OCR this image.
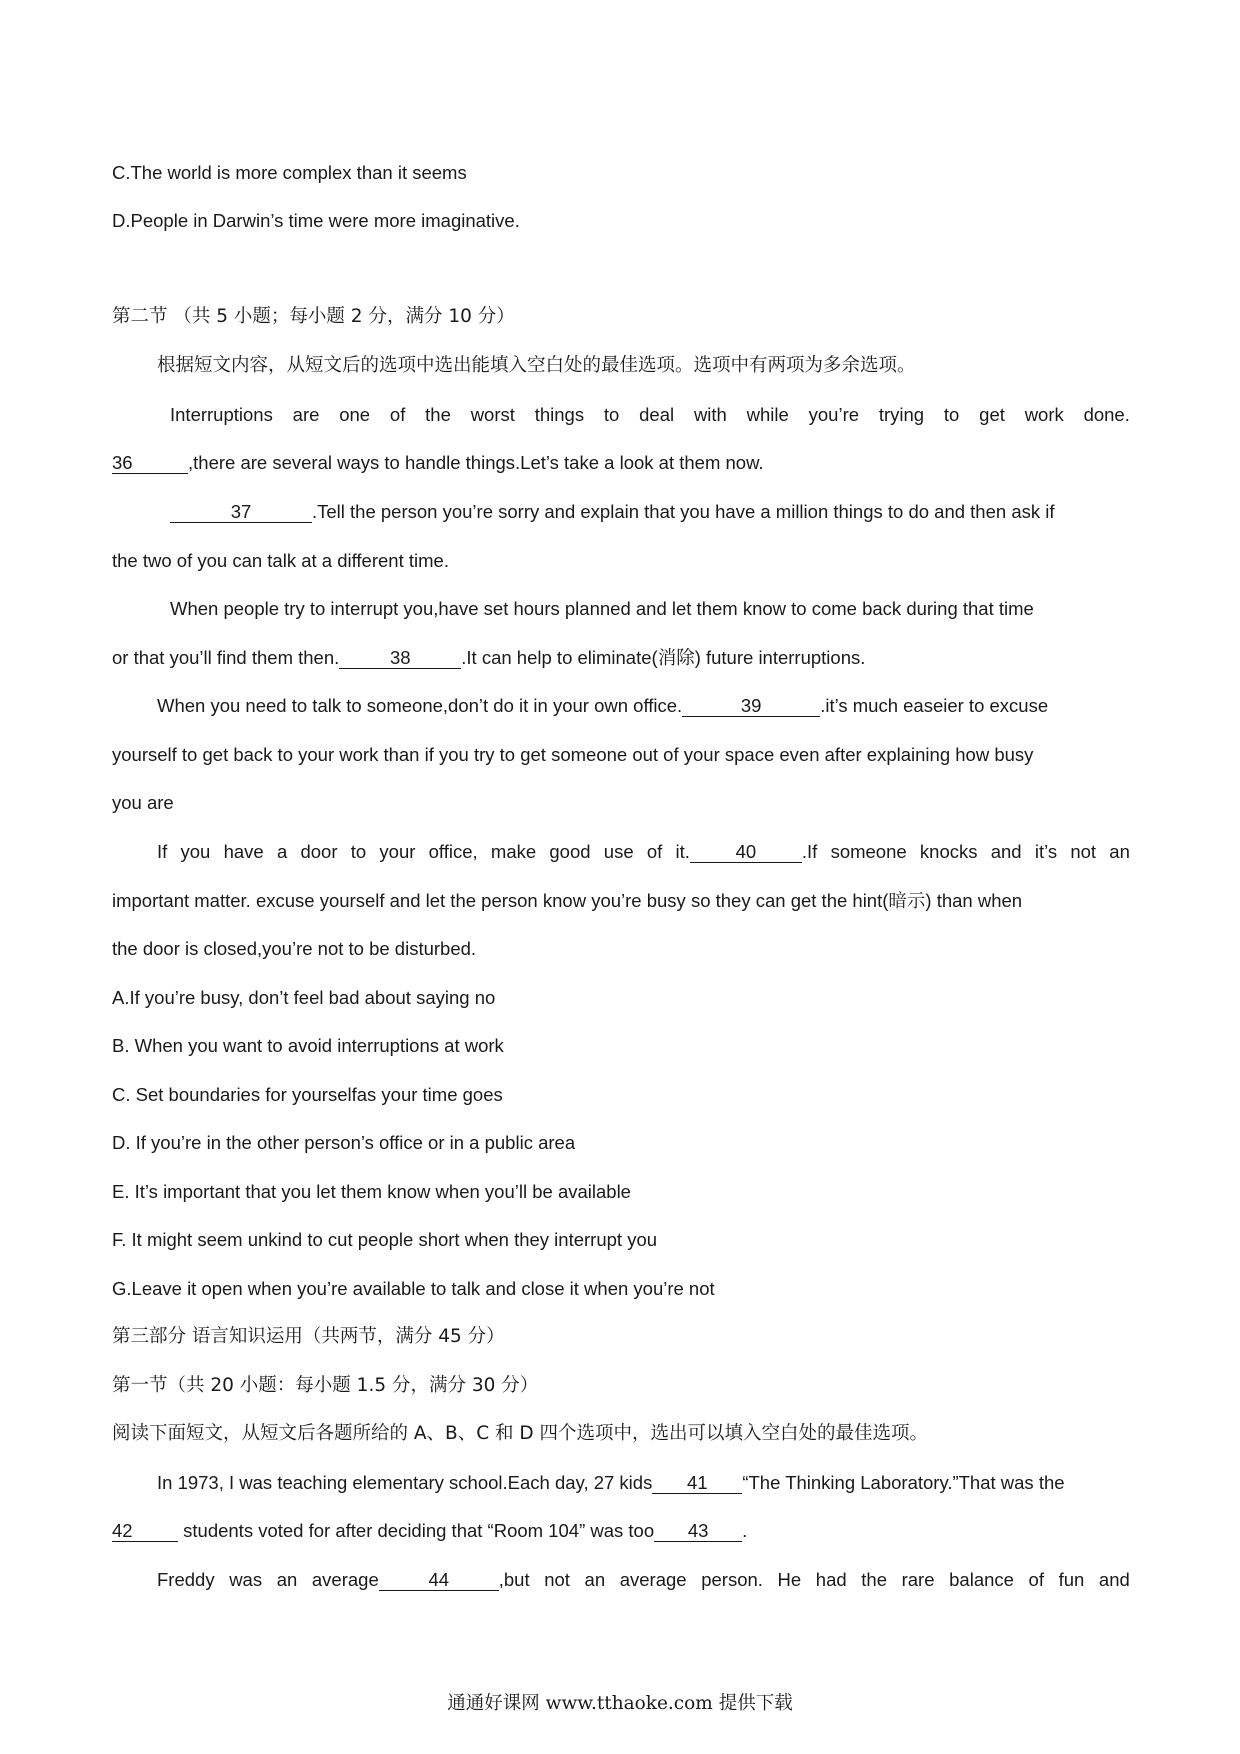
C.The world is more complex than it seems
D.People in Darwin’s time were more imaginative.
第二节 （共 5 小题；每小题 2 分，满分 10 分）
根据短文内容，从短文后的选项中选出能填入空白处的最佳选项。选项中有两项为多余选项。
Interruptions are one of the worst things to deal with while you’re trying to get work done.
36	,there are several ways to handle things.Let’s take a look at them now.
37	.Tell the person you’re sorry and explain that you have a million things to do and then ask if
the two of you can talk at a different time.
When people try to interrupt you,have set hours planned and let them know to come back during that time
or that you’ll find them then.	38	.It can help to eliminate(消除) future interruptions.
When you need to talk to someone,don’t do it in your own office.	39	.it’s much easeier to excuse
yourself to get back to your work than if you try to get someone out of your space even after explaining how busy
you are
If you have a door to your office, make good use of it. 40 .If someone knocks and it’s not an
important matter. excuse yourself and let the person know you’re busy so they can get the hint(暗示) than when
the door is closed,you’re not to be disturbed.
A.If you’re busy, don’t feel bad about saying no
B. When you want to avoid interruptions at work
C. Set boundaries for yourselfas your time goes
D. If you’re in the other person’s office or in a public area
E. It’s important that you let them know when you’ll be available
F. It might seem unkind to cut people short when they interrupt you
G.Leave it open when you’re available to talk and close it when you’re not
第三部分 语言知识运用（共两节，满分 45 分）
第一节（共 20 小题：每小题 1.5 分，满分 30 分）
阅读下面短文，从短文后各题所给的 A、B、C 和 D 四个选项中，选出可以填入空白处的最佳选项。
In 1973, I was teaching elementary school.Each day, 27 kids 41 “The Thinking Laboratory.”That was the
42	students voted for after deciding that “Room 104” was too 43 .
Freddy was an average	44	,but not an average person. He had the rare balance of fun and
通通好课网 www.tthaoke.com 提供下载
